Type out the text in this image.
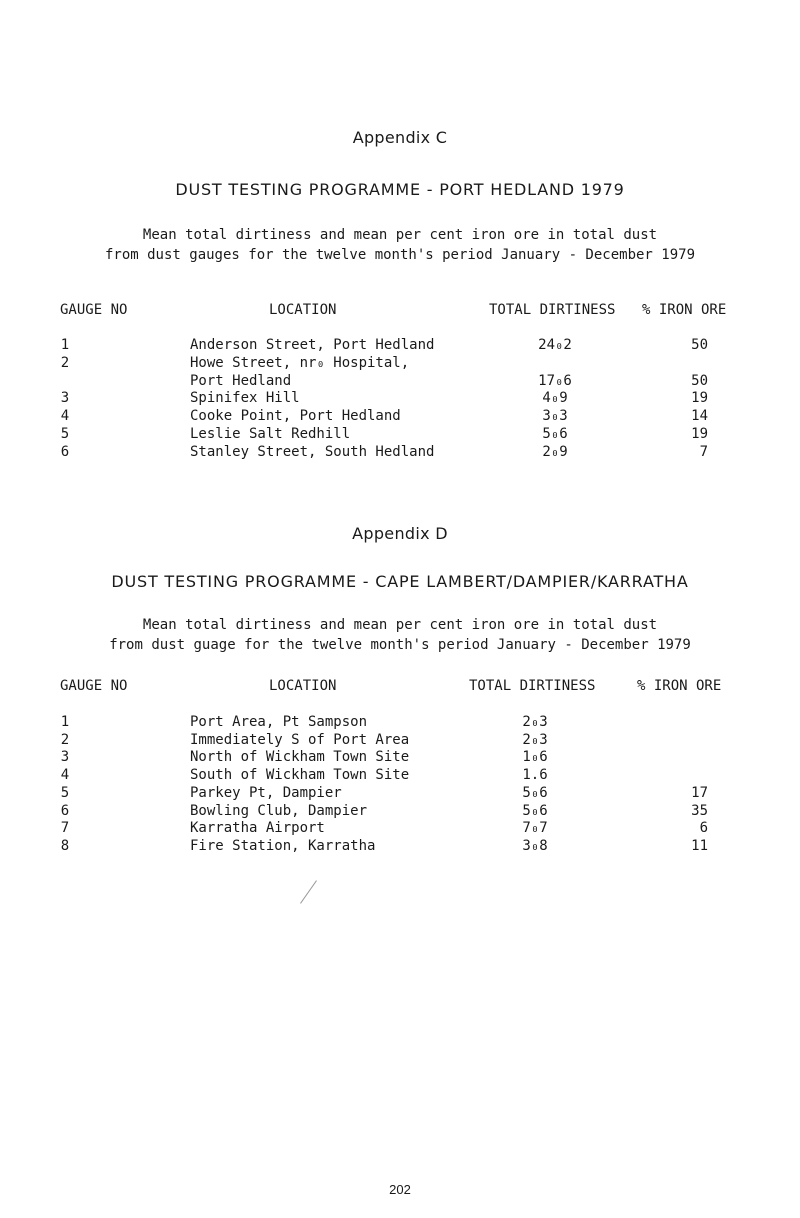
Appendix C
DUST TESTING PROGRAMME - PORT HEDLAND 1979
Mean total dirtiness and mean per cent iron ore in total dust
from dust gauges for the twelve month's period January - December 1979
GAUGE NO	LOCATION	TOTAL DIRTINESS % IRON ORE
1	Anderson Street, Port Hedland	24₀2	50
2	Howe Street, nr₀ Hospital,
Port Hedland	17₀6	50
3	Spinifex Hill	4₀9	19
4	Cooke Point, Port Hedland	3₀3	14
5	Leslie Salt Redhill	5₀6	19
6	Stanley Street, South Hedland	2₀9	7
Appendix D
DUST TESTING PROGRAMME - CAPE LAMBERT/DAMPIER/KARRATHA
Mean total dirtiness and mean per cent iron ore in total dust
from dust guage for the twelve month's period January - December 1979
GAUGE NO	LOCATION	TOTAL DIRTINESS	% IRON ORE
1	Port Area, Pt Sampson	2₀3
2	Immediately S of Port Area	2₀3
3	North of Wickham Town Site	1₀6
4	South of Wickham Town Site	1.6
5	Parkey Pt, Dampier	5₀6	17
6	Bowling Club, Dampier	5₀6	35
7	Karratha Airport	7₀7	6
8	Fire Station, Karratha	3₀8	11
202
